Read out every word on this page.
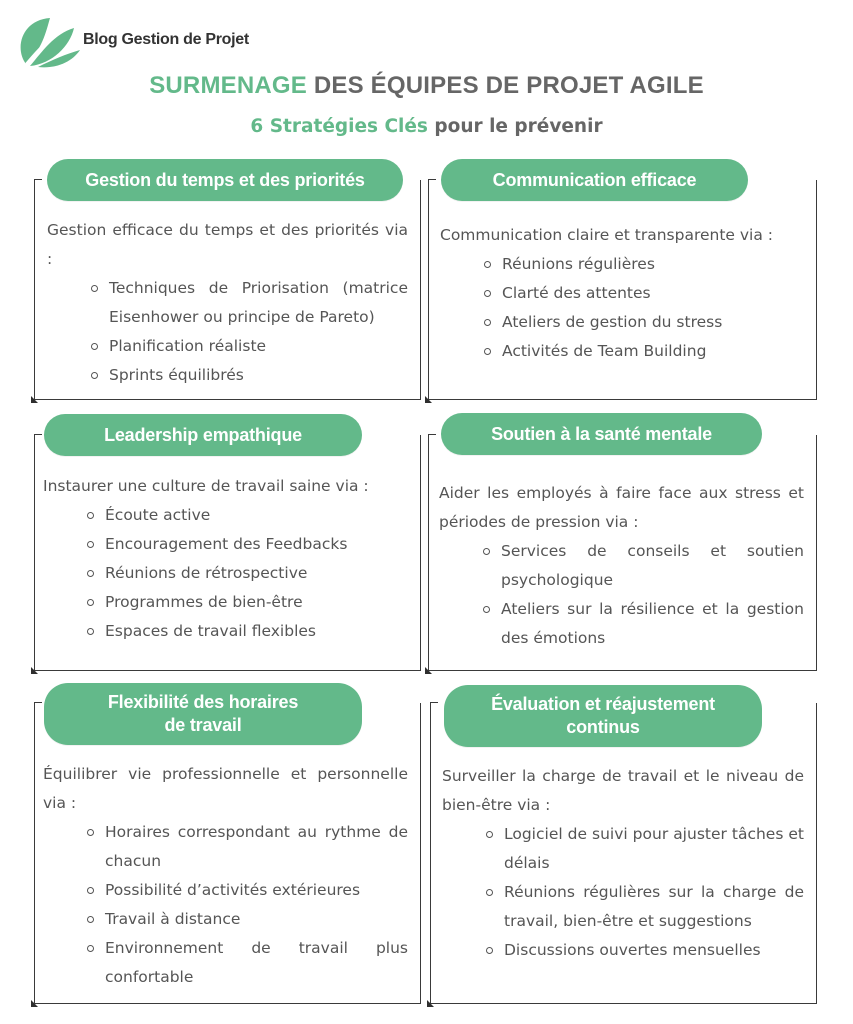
Blog Gestion de Projet
SURMENAGE DES ÉQUIPES DE PROJET AGILE
6 Stratégies Clés pour le prévenir

Gestion efficace du temps et des priorités via :

Techniques de Priorisation (matrice Eisenhower ou principe de Pareto)
Planification réaliste
Sprints équilibrés
Gestion du temps et des priorités

Communication claire et transparente via :

Réunions régulières
Clarté des attentes
Ateliers de gestion du stress
Activités de Team Building
Communication efficace

Instaurer une culture de travail saine via :

Écoute active
Encouragement des Feedbacks
Réunions de rétrospective
Programmes de bien-être
Espaces de travail flexibles
Leadership empathique

Aider les employés à faire face aux stress et périodes de pression via :

Services de conseils et soutien psychologique
Ateliers sur la résilience et la gestion des émotions
Soutien à la santé mentale

Équilibrer vie professionnelle et personnelle via :

Horaires correspondant au rythme de chacun
Possibilité d’activités extérieures
Travail à distance
Environnement de travail plus confortable
Flexibilité des horaires
de travail

Surveiller la charge de travail et le niveau de bien-être via :

Logiciel de suivi pour ajuster tâches et délais
Réunions régulières sur la charge de travail, bien-être et suggestions
Discussions ouvertes mensuelles
Évaluation et réajustement
continus
